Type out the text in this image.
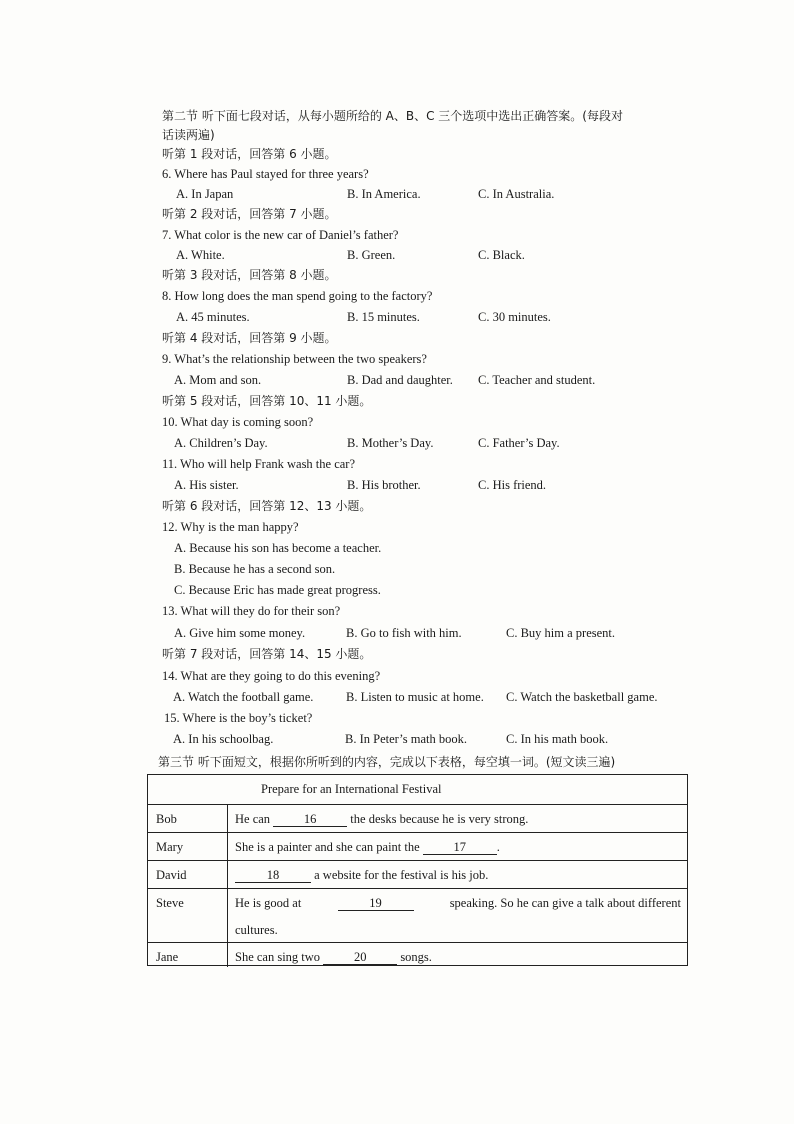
第二节 听下面七段对话，从每小题所给的 A、B、C 三个选项中选出正确答案。(每段对
话读两遍)
听第 1 段对话，回答第 6 小题。
6. Where has Paul stayed for three years?
A. In Japan	B. In America.	C. In Australia.
听第 2 段对话，回答第 7 小题。
7. What color is the new car of Daniel’s father?
A. White.	B. Green.	C. Black.
听第 3 段对话，回答第 8 小题。
8. How long does the man spend going to the factory?
A. 45 minutes.	B. 15 minutes.	C. 30 minutes.
听第 4 段对话，回答第 9 小题。
9. What’s the relationship between the two speakers?
A. Mom and son.	B. Dad and daughter. C. Teacher and student.
听第 5 段对话，回答第 10、11 小题。
10. What day is coming soon?
A. Children’s Day.	B. Mother’s Day.	C. Father’s Day.
11. Who will help Frank wash the car?
A. His sister.	B. His brother.	C. His friend.
听第 6 段对话，回答第 12、13 小题。
12. Why is the man happy?
A. Because his son has become a teacher.
B. Because he has a second son.
C. Because Eric has made great progress.
13. What will they do for their son?
A. Give him some money.	B. Go to fish with him.	C. Buy him a present.
听第 7 段对话，回答第 14、15 小题。
14. What are they going to do this evening?
A. Watch the football game.	B. Listen to music at home. C. Watch the basketball game.
15. Where is the boy’s ticket?
A. In his schoolbag.	B. In Peter’s math book.	C. In his math book.
第三节 听下面短文，根据你所听到的内容，完成以下表格，每空填一词。(短文读三遍)
Prepare for an International Festival
Bob	He can	16	the desks because he is very strong.
Mary	She is a painter and she can paint the	17 .
David	18	a website for the festival is his job.
Steve	He is good at	19	speaking. So he can give a talk about different
cultures.
Jane	She can sing two	20	songs.
